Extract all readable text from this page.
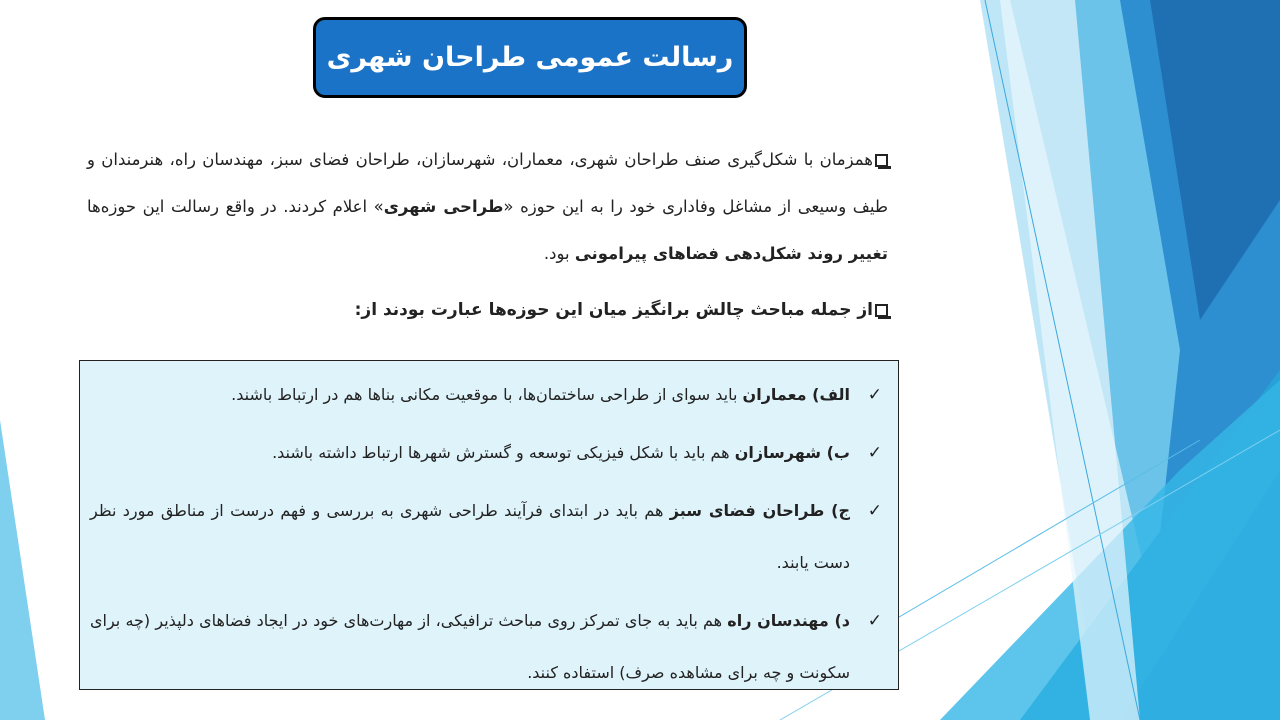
رسالت عمومی طراحان شهری
همزمان با شکل‌گیری صنف طراحان شهری، معماران، شهرسازان، طراحان فضای سبز، مهندسان راه، هنرمندان و طیف وسیعی از مشاغل وفاداری خود را به این حوزه «طراحی شهری» اعلام کردند. در واقع رسالت این حوزه‌ها تغییر روند شکل‌دهی فضاهای پیرامونی بود.
از جمله مباحث چالش برانگیز میان این حوزه‌ها عبارت بودند از:
✓
الف) معماران باید سوای از طراحی ساختمان‌ها، با موقعیت مکانی بناها هم در ارتباط باشند.
✓
ب) شهرسازان هم باید با شکل فیزیکی توسعه و گسترش شهرها ارتباط داشته باشند.
✓
ج) طراحان فضای سبز هم باید در ابتدای فرآیند طراحی شهری به بررسی و فهم درست از مناطق مورد نظر دست یابند.
✓
د) مهندسان راه هم باید به جای تمرکز روی مباحث ترافیکی، از مهارت‌های خود در ایجاد فضاهای دلپذیر (چه برای سکونت و چه برای مشاهده صرف) استفاده کنند.
